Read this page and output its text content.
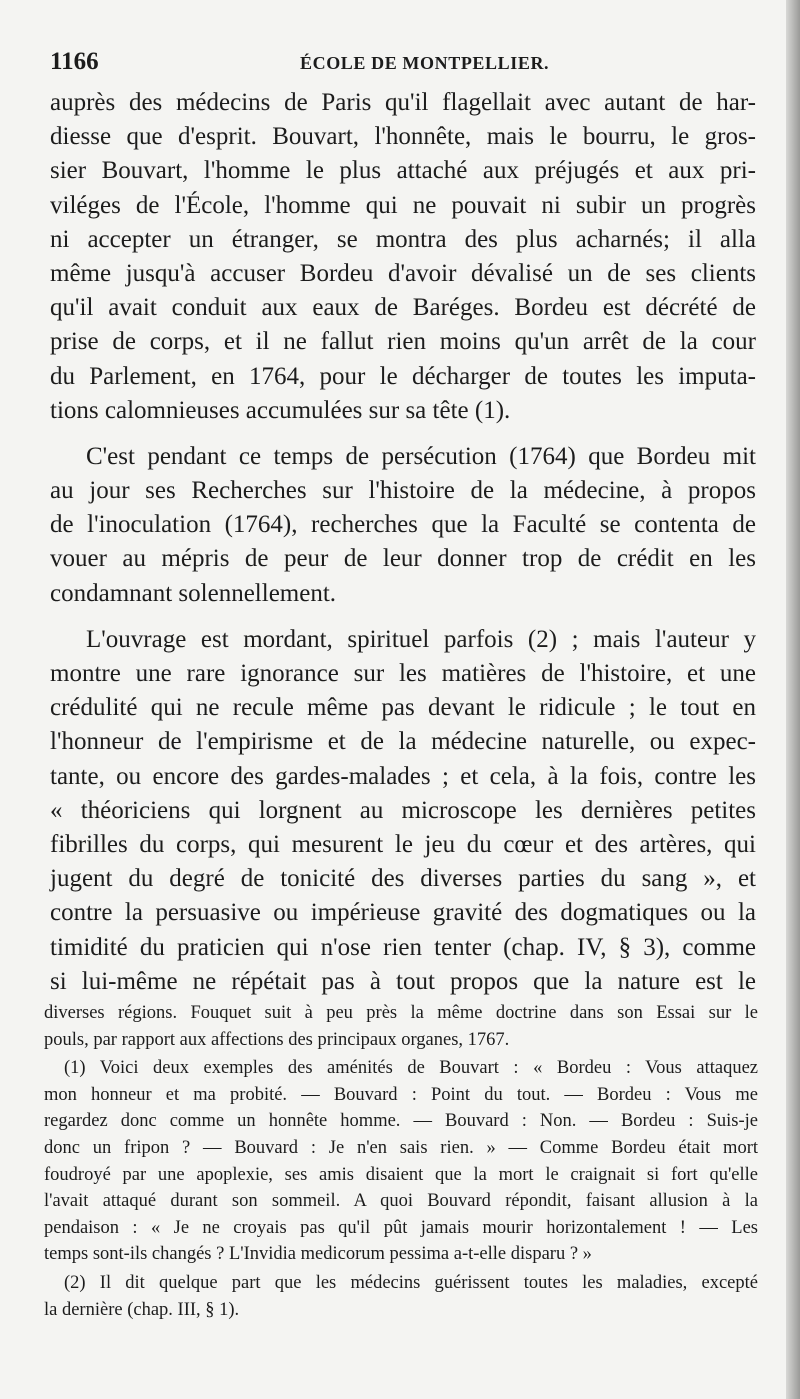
1166	ÉCOLE DE MONTPELLIER.
auprès des médecins de Paris qu'il flagellait avec autant de har-
diesse que d'esprit. Bouvart, l'honnête, mais le bourru, le gros-
sier Bouvart, l'homme le plus attaché aux préjugés et aux pri-
viléges de l'École, l'homme qui ne pouvait ni subir un progrès
ni accepter un étranger, se montra des plus acharnés; il alla
même jusqu'à accuser Bordeu d'avoir dévalisé un de ses clients
qu'il avait conduit aux eaux de Baréges. Bordeu est décrété de
prise de corps, et il ne fallut rien moins qu'un arrêt de la cour
du Parlement, en 1764, pour le décharger de toutes les imputa-
tions calomnieuses accumulées sur sa tête (1).
C'est pendant ce temps de persécution (1764) que Bordeu mit
au jour ses Recherches sur l'histoire de la médecine, à propos
de l'inoculation (1764), recherches que la Faculté se contenta de
vouer au mépris de peur de leur donner trop de crédit en les
condamnant solennellement.
L'ouvrage est mordant, spirituel parfois (2) ; mais l'auteur y
montre une rare ignorance sur les matières de l'histoire, et une
crédulité qui ne recule même pas devant le ridicule ; le tout en
l'honneur de l'empirisme et de la médecine naturelle, ou expec-
tante, ou encore des gardes-malades ; et cela, à la fois, contre les
« théoriciens qui lorgnent au microscope les dernières petites
fibrilles du corps, qui mesurent le jeu du cœur et des artères, qui
jugent du degré de tonicité des diverses parties du sang », et
contre la persuasive ou impérieuse gravité des dogmatiques ou la
timidité du praticien qui n'ose rien tenter (chap. IV, § 3), comme
si lui-même ne répétait pas à tout propos que la nature est le
diverses régions. Fouquet suit à peu près la même doctrine dans son Essai sur le
pouls, par rapport aux affections des principaux organes, 1767.
(1) Voici deux exemples des aménités de Bouvart : « Bordeu : Vous attaquez
mon honneur et ma probité. — Bouvard : Point du tout. — Bordeu : Vous me
regardez donc comme un honnête homme. — Bouvard : Non. — Bordeu : Suis-je
donc un fripon ? — Bouvard : Je n'en sais rien. » — Comme Bordeu était mort
foudroyé par une apoplexie, ses amis disaient que la mort le craignait si fort qu'elle
l'avait attaqué durant son sommeil. A quoi Bouvard répondit, faisant allusion à la
pendaison : « Je ne croyais pas qu'il pût jamais mourir horizontalement ! — Les
temps sont-ils changés ? L'Invidia medicorum pessima a-t-elle disparu ? »
(2) Il dit quelque part que les médecins guérissent toutes les maladies, excepté
la dernière (chap. III, § 1).
